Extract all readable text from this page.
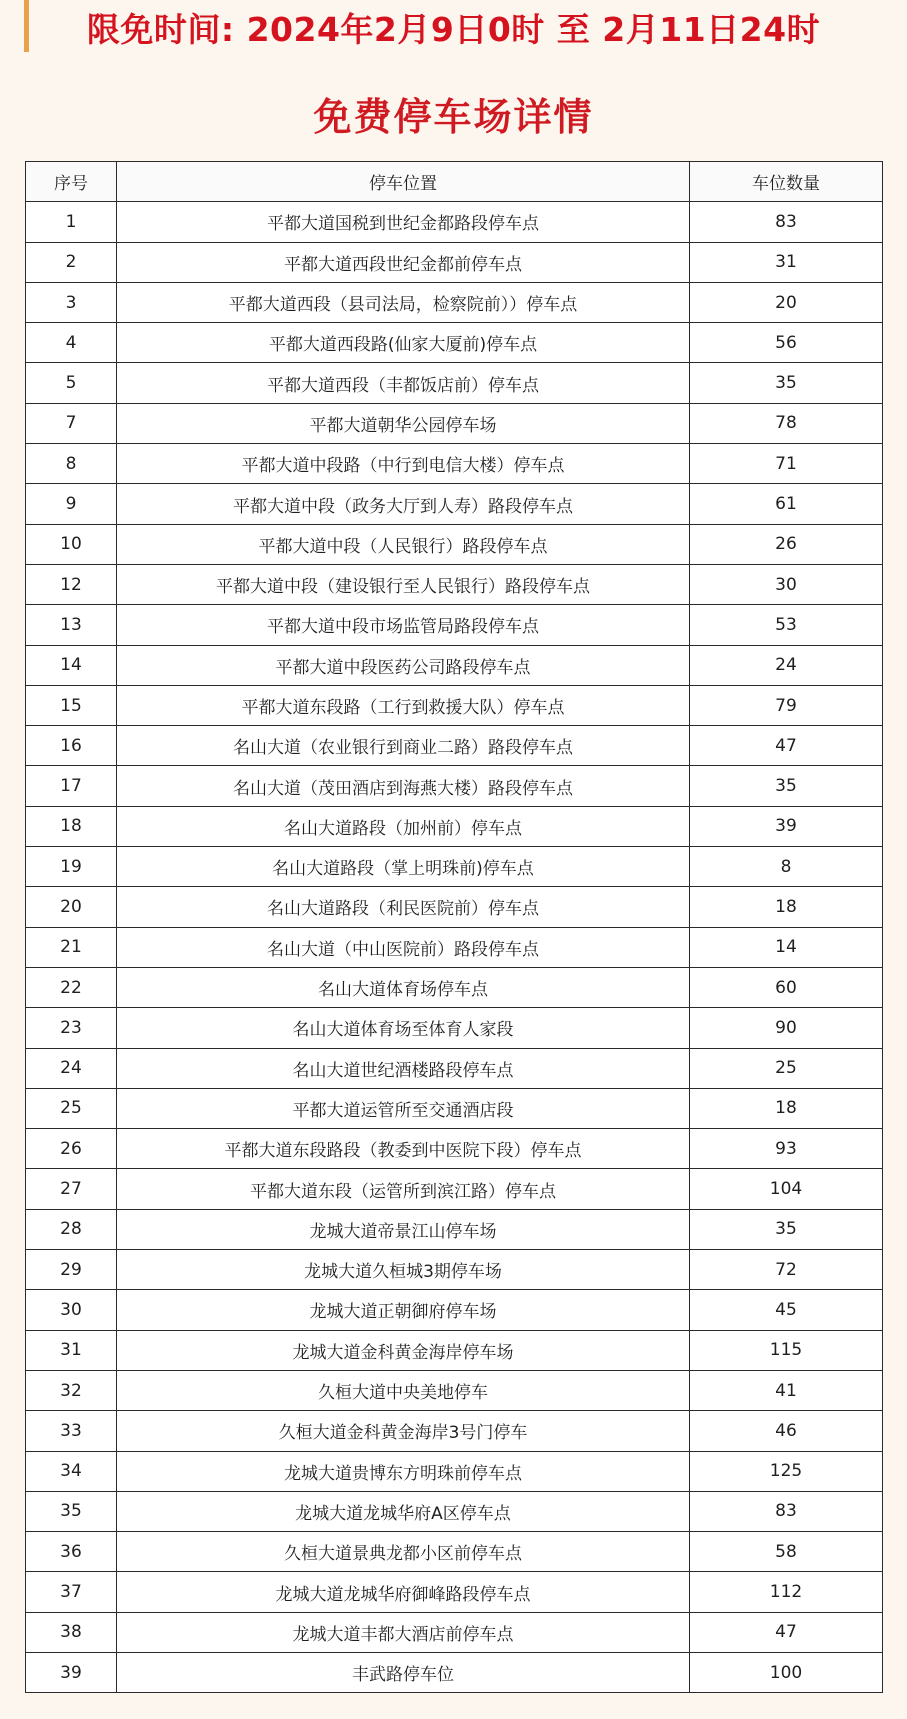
限免时间: 2024年2月9日0时 至 2月11日24时
免费停车场详情
序号	停车位置	车位数量
1	平都大道国税到世纪金都路段停车点	83
2	平都大道西段世纪金都前停车点	31
3	平都大道西段（县司法局，检察院前））停车点	20
4	平都大道西段路(仙家大厦前)停车点	56
5	平都大道西段（丰都饭店前）停车点	35
7	平都大道朝华公园停车场	78
8	平都大道中段路（中行到电信大楼）停车点	71
9	平都大道中段（政务大厅到人寿）路段停车点	61
10	平都大道中段（人民银行）路段停车点	26
12	平都大道中段（建设银行至人民银行）路段停车点	30
13	平都大道中段市场监管局路段停车点	53
14	平都大道中段医药公司路段停车点	24
15	平都大道东段路（工行到救援大队）停车点	79
16	名山大道（农业银行到商业二路）路段停车点	47
17	名山大道（茂田酒店到海燕大楼）路段停车点	35
18	名山大道路段（加州前）停车点	39
19	名山大道路段（掌上明珠前)停车点	8
20	名山大道路段（利民医院前）停车点	18
21	名山大道（中山医院前）路段停车点	14
22	名山大道体育场停车点	60
23	名山大道体育场至体育人家段	90
24	名山大道世纪酒楼路段停车点	25
25	平都大道运管所至交通酒店段	18
26	平都大道东段路段（教委到中医院下段）停车点	93
27	平都大道东段（运管所到滨江路）停车点	104
28	龙城大道帝景江山停车场	35
29	龙城大道久桓城3期停车场	72
30	龙城大道正朝御府停车场	45
31	龙城大道金科黄金海岸停车场	115
32	久桓大道中央美地停车	41
33	久桓大道金科黄金海岸3号门停车	46
34	龙城大道贵博东方明珠前停车点	125
35	龙城大道龙城华府A区停车点	83
36	久桓大道景典龙都小区前停车点	58
37	龙城大道龙城华府御峰路段停车点	112
38	龙城大道丰都大酒店前停车点	47
39	丰武路停车位	100
